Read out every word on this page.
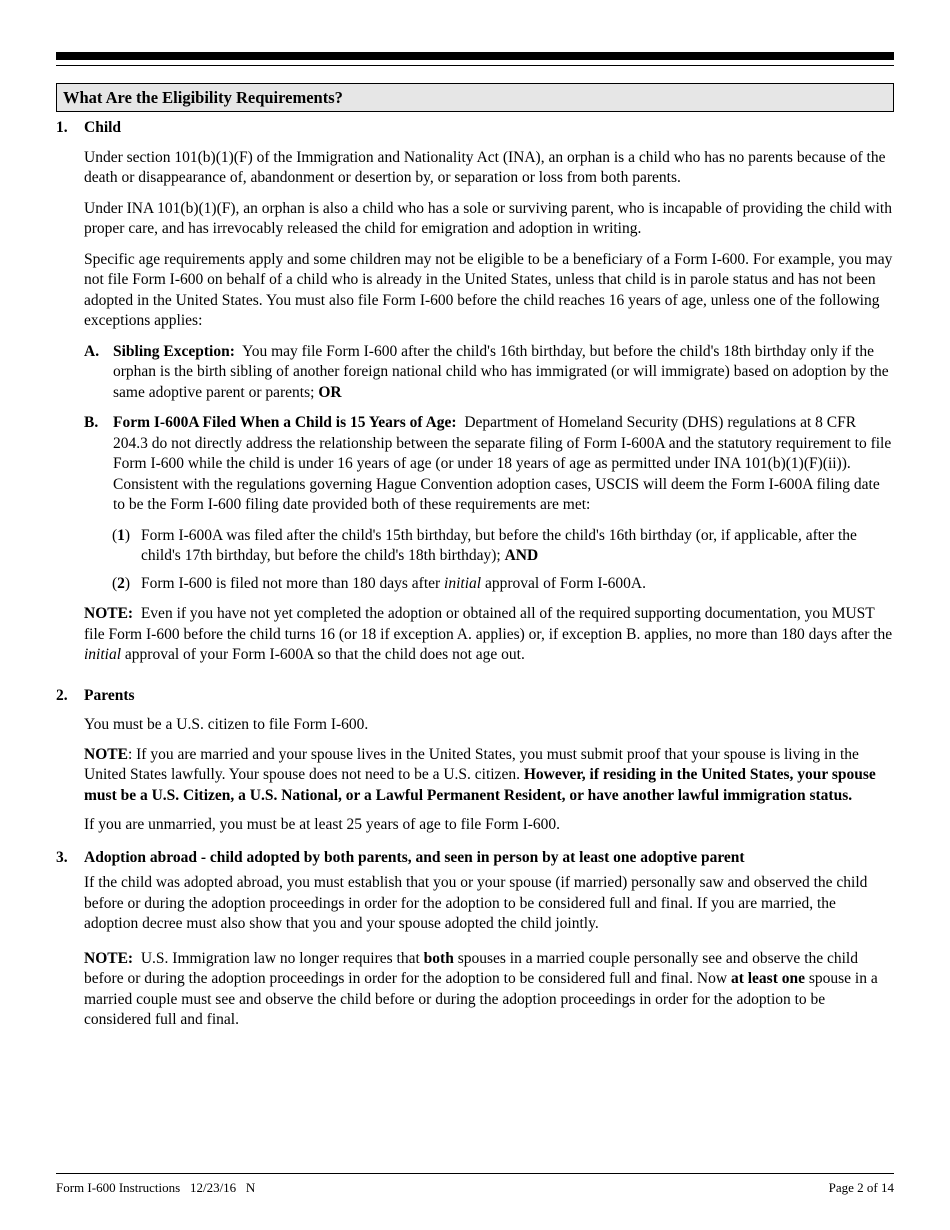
What Are the Eligibility Requirements?
1.	Child

Under section 101(b)(1)(F) of the Immigration and Nationality Act (INA), an orphan is a child who has no parents because of the death or disappearance of, abandonment or desertion by, or separation or loss from both parents.

Under INA 101(b)(1)(F), an orphan is also a child who has a sole or surviving parent, who is incapable of providing the child with proper care, and has irrevocably released the child for emigration and adoption in writing.

Specific age requirements apply and some children may not be eligible to be a beneficiary of a Form I-600. For example, you may not file Form I-600 on behalf of a child who is already in the United States, unless that child is in parole status and has not been adopted in the United States. You must also file Form I-600 before the child reaches 16 years of age, unless one of the following exceptions applies:

A. Sibling Exception: You may file Form I-600 after the child's 16th birthday, but before the child's 18th birthday only if the orphan is the birth sibling of another foreign national child who has immigrated (or will immigrate) based on adoption by the same adoptive parent or parents; OR
B. Form I-600A Filed When a Child is 15 Years of Age: Department of Homeland Security (DHS) regulations at 8 CFR 204.3 do not directly address the relationship between the separate filing of Form I-600A and the statutory requirement to file Form I-600 while the child is under 16 years of age (or under 18 years of age as permitted under INA 101(b)(1)(F)(ii)). Consistent with the regulations governing Hague Convention adoption cases, USCIS will deem the Form I-600A filing date to be the Form I-600 filing date provided both of these requirements are met:
(1) Form I-600A was filed after the child's 15th birthday, but before the child's 16th birthday (or, if applicable, after the child's 17th birthday, but before the child's 18th birthday); AND
(2) Form I-600 is filed not more than 180 days after initial approval of Form I-600A.

NOTE: Even if you have not yet completed the adoption or obtained all of the required supporting documentation, you MUST file Form I-600 before the child turns 16 (or 18 if exception A. applies) or, if exception B. applies, no more than 180 days after the initial approval of your Form I-600A so that the child does not age out.

2.	Parents

You must be a U.S. citizen to file Form I-600.

NOTE: If you are married and your spouse lives in the United States, you must submit proof that your spouse is living in the United States lawfully. Your spouse does not need to be a U.S. citizen. However, if residing in the United States, your spouse must be a U.S. Citizen, a U.S. National, or a Lawful Permanent Resident, or have another lawful immigration status.

If you are unmarried, you must be at least 25 years of age to file Form I-600.

3.	Adoption abroad - child adopted by both parents, and seen in person by at least one adoptive parent

If the child was adopted abroad, you must establish that you or your spouse (if married) personally saw and observed the child before or during the adoption proceedings in order for the adoption to be considered full and final. If you are married, the adoption decree must also show that you and your spouse adopted the child jointly.

NOTE: U.S. Immigration law no longer requires that both spouses in a married couple personally see and observe the child before or during the adoption proceedings in order for the adoption to be considered full and final. Now at least one spouse in a married couple must see and observe the child before or during the adoption proceedings in order for the adoption to be considered full and final.

Form I-600 Instructions   12/23/16   N	Page 2 of 14
